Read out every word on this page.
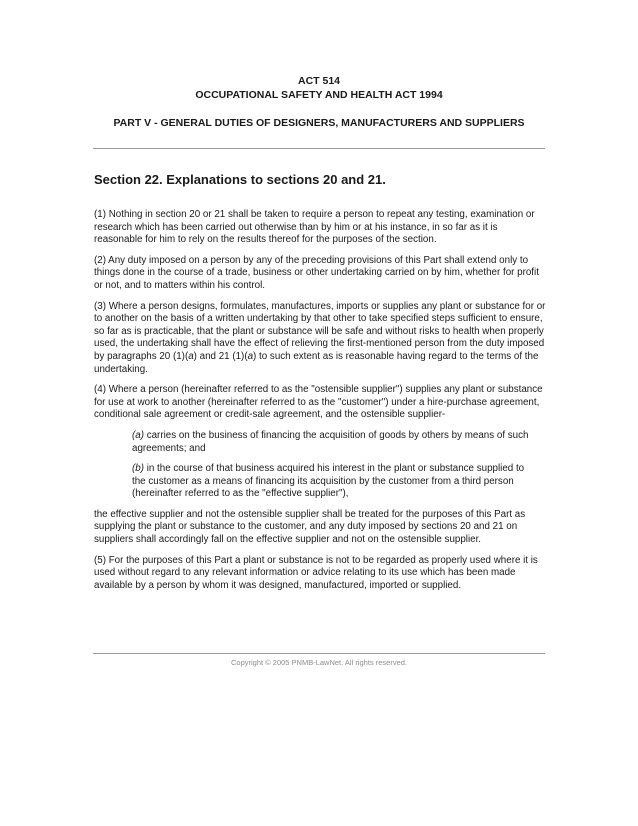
ACT 514
OCCUPATIONAL SAFETY AND HEALTH ACT 1994
PART V - GENERAL DUTIES OF DESIGNERS, MANUFACTURERS AND SUPPLIERS
Section 22. Explanations to sections 20 and 21.

(1) Nothing in section 20 or 21 shall be taken to require a person to repeat any testing, examination or research which has been carried out otherwise than by him or at his instance, in so far as it is reasonable for him to rely on the results thereof for the purposes of the section.

(2) Any duty imposed on a person by any of the preceding provisions of this Part shall extend only to things done in the course of a trade, business or other undertaking carried on by him, whether for profit or not, and to matters within his control.

(3) Where a person designs, formulates, manufactures, imports or supplies any plant or substance for or to another on the basis of a written undertaking by that other to take specified steps sufficient to ensure, so far as is practicable, that the plant or substance will be safe and without risks to health when properly used, the undertaking shall have the effect of relieving the first-mentioned person from the duty imposed by paragraphs 20 (1)(a) and 21 (1)(a) to such extent as is reasonable having regard to the terms of the undertaking.

(4) Where a person (hereinafter referred to as the "ostensible supplier") supplies any plant or substance for use at work to another (hereinafter referred to as the "customer") under a hire-purchase agreement, conditional sale agreement or credit-sale agreement, and the ostensible supplier-

(a) carries on the business of financing the acquisition of goods by others by means of such agreements; and

(b) in the course of that business acquired his interest in the plant or substance supplied to the customer as a means of financing its acquisition by the customer from a third person (hereinafter referred to as the "effective supplier"),

the effective supplier and not the ostensible supplier shall be treated for the purposes of this Part as supplying the plant or substance to the customer, and any duty imposed by sections 20 and 21 on suppliers shall accordingly fall on the effective supplier and not on the ostensible supplier.

(5) For the purposes of this Part a plant or substance is not to be regarded as properly used where it is used without regard to any relevant information or advice relating to its use which has been made available by a person by whom it was designed, manufactured, imported or supplied.

Copyright © 2005 PNMB-LawNet. All rights reserved.
